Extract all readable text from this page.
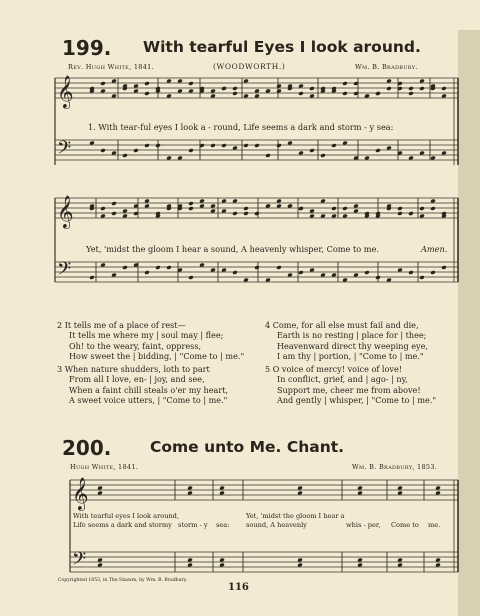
𝄞
𝄢
𝄞
𝄢
𝄞
𝄢
199. With tearful Eyes I look around.
Rev. Hugh White, 1841.	(WOODWORTH.)	Wm. B. Bradbury.
1. With tear-ful eyes I look a - round, Life seems a dark and storm - y sea:
Yet, 'midst the gloom I hear a sound, A heavenly whisper, Come to me.	Amen.
2 It tells me of a place of rest—
It tells me where my | soul may | flee;
Oh! to the weary, faint, oppress,
How sweet the | bidding, | "Come to | me."
3 When nature shudders, loth to part
From all I love, en- | joy, and see,
When a faint chill steals o'er my heart,
A sweet voice utters, | "Come to | me."
4 Come, for all else must fail and die,
Earth is no resting | place for | thee;
Heavenward direct thy weeping eye,
I am thy | portion, | "Come to | me."
5 O voice of mercy! voice of love!
In conflict, grief, and | ago- | ny,
Support me, cheer me from above!
And gently | whisper, | "Come to | me."
200. Come unto Me. Chant.
Hugh White, 1841.	Wm. B. Bradbury, 1853.
With tearful eyes I look around,
Life seems a dark and stormy storm - y sea:
Yet, 'midst the gloom I hear a
sound, A heavenly	whis - per, Come to me.
Copyrighted 1853, in The Shawm, by Wm. B. Bradbury.
116
